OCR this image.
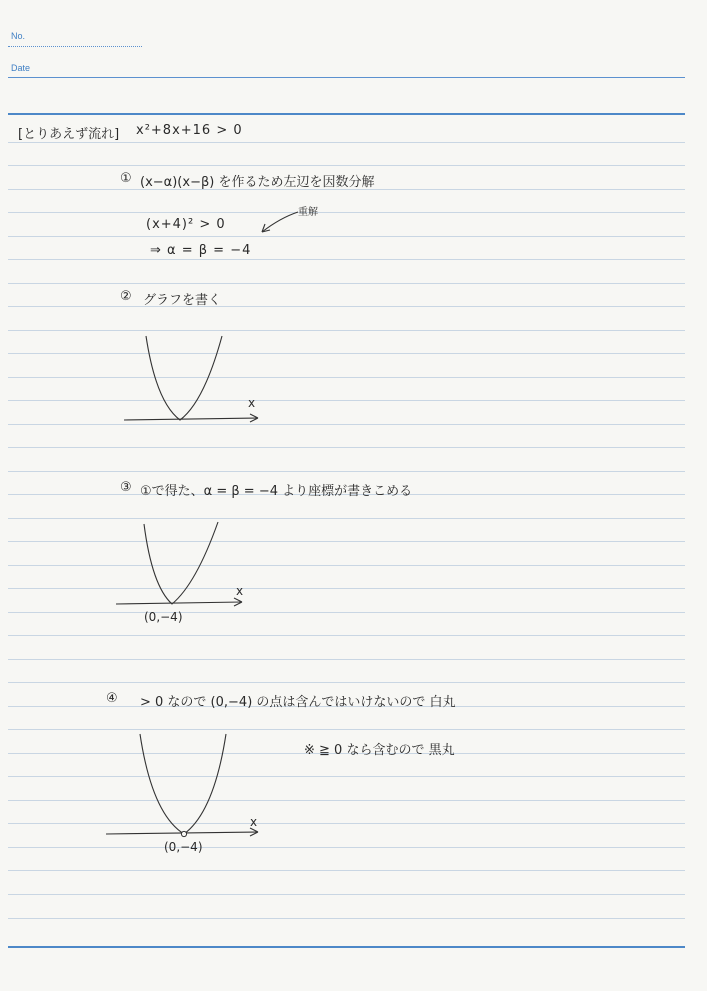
No.
Date
[とりあえず流れ] x²+8x+16 > 0
① (x−α)(x−β) を作るため左辺を因数分解
(x+4)² > 0
⇒ α = β = −4
重解
② グラフを書く
x
③ ①で得た、α = β = −4 より座標が書きこめる
x
(0,−4)
④ > 0 なので (0,−4) の点は含んではいけないので 白丸
※ ≧ 0 なら含むので 黒丸
x
(0,−4)
